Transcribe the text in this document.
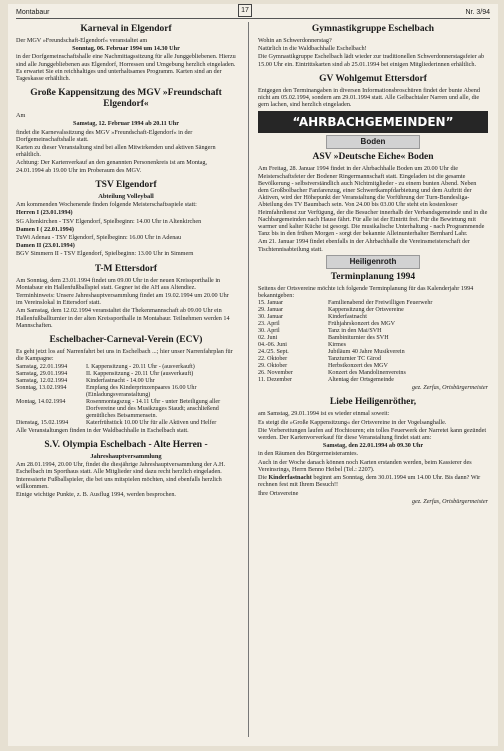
Montabaur	17	Nr. 3/94
Karneval in Elgendorf

Der MGV »Freundschaft-Elgendorf« veranstaltet am

Sonntag, 06. Februar 1994 um 14.30 Uhr

in der Dorfgemeinschaftshalle eine Nachmittagssitzung für alle Junggebliebenen. Hierzu sind alle Junggebliebenen aus Elgendorf, Horressen und Umgebung herzlich eingeladen. Es erwartet Sie ein reichhaltiges und unterhaltsames Programm. Karten sind an der Tageskasse erhältlich.

Große Kappensitzung des MGV »Freundschaft Elgendorf«

Am

Samstag, 12. Februar 1994 ab 20.11 Uhr

findet die Karnevalssitzung des MGV »Freundschaft-Elgendorf« in der Dorfgemeinschaftshalle statt.

Karten zu dieser Veranstaltung sind bei allen Mitwirkenden und aktiven Sängern erhältlich.

Achtung: Der Kartenverkauf an den genannten Personenkreis ist am Montag, 24.01.1994 ab 19.00 Uhr im Proberaum des MGV.

TSV Elgendorf
Abteilung Volleyball

Am kommenden Wochenende finden folgende Meisterschaftsspiele statt:

Herren I (23.01.1994)

SG Altenkirchen - TSV Elgendorf, Spielbeginn: 14.00 Uhr in Altenkirchen

Damen I ( 22.01.1994)

TuWi Adenau - TSV Elgendorf, Spielbeginn: 16.00 Uhr in Adenau

Damen II (23.01.1994)

BGV Simmern II - TSV Elgendorf, Spielbeginn: 13.00 Uhr in Simmern

T-M Ettersdorf

Am Sonntag, dem 23.01.1994 findet um 09.00 Uhr in der neuen Kreissporthalle in Montabaur ein Hallenfußballspiel statt. Gegner ist die AH aus Altendiez.

Terminhinweis: Unsere Jahreshauptversammlung findet am 19.02.1994 um 20.00 Uhr im Vereinslokal in Ettersdorf statt.

Am Samstag, dem 12.02.1994 veranstaltet die Thekenmannschaft ab 09.00 Uhr ein Hallenfußballturnier in der alten Kreissporthalle in Montabaur. Teilnehmen werden 14 Mannschaften.

Eschelbacher-Carneval-Verein (ECV)

Es geht jetzt los auf Narrenfahrt bei uns in Eschelbach ...; hier unser Narrenfahrplan für die Kampagne:

Samstag, 22.01.1994	I. Kappensitzung - 20.11 Uhr - (ausverkauft)
Samstag, 29.01.1994	II. Kappensitzung - 20.11 Uhr (ausverkauft)
Samstag, 12.02.1994	Kinderfastnacht - 14.00 Uhr
Sonntag, 13.02.1994	Empfang des Kinderprinzenpaares 16.00 Uhr (Einladungsveranstaltung)
Montag, 14.02.1994	Rosenmontagszug - 14.11 Uhr - unter Beteiligung aller Dorfvereine und des Musikzuges Staudt; anschließend gemütliches Beisammensein.
Dienstag, 15.02.1994	Katerfrühstück 10.00 Uhr für alle Aktiven und Helfer

Alle Veranstaltungen finden in der Waldbachhalle in Eschelbach statt.

S.V. Olympia Eschelbach - Alte Herren -
Jahreshauptversammlung

Am 28.01.1994, 20.00 Uhr, findet die diesjährige Jahreshauptversammlung der A.H. Eschelbach im Sporthaus statt. Alle Mitglieder sind dazu recht herzlich eingeladen. Interessierte Fußballspieler, die bei uns mitspielen möchten, sind ebenfalls herzlich willkommen.

Einige wichtige Punkte, z. B. Ausflug 1994, werden besprochen.

Gymnastikgruppe Eschelbach

Wohin an Schwerdonnerstag?

Natürlich in die Waldbachhalle Eschelbach!

Die Gymnastikgruppe Eschelbach lädt wieder zur traditionellen Schwerdonnerstagsfeier ab 15.00 Uhr ein. Eintrittskarten sind ab 25.01.1994 bei einigen Mitgliederinnen erhältlich.

GV Wohlgemut Ettersdorf

Entgegen den Terminangaben in diversen Informationsbroschüren findet der bunte Abend nicht am 05.02.1994, sondern am 29.01.1994 statt. Alle Gelbachtaler Narren und alle, die gern lachen, sind herzlich eingeladen.

“AHRBACHGEMEINDEN”
Boden
ASV »Deutsche Eiche« Boden

Am Freitag, 28. Januar 1994 findet in der Ahrbachhalle Boden um 20.00 Uhr die Meisterschaftsfeier der Bodener Ringermannschaft statt. Eingeladen ist die gesamte Bevölkerung - selbstverständlich auch Nichtmitglieder - zu einem bunten Abend. Neben dem Großbolbacher Fanfarenzug, einer Schwertkampfdarbietung und dem Auftritt der Aktiven, wird der Höhepunkt der Veranstaltung die Vorführung der Turn-Bundesliga-Abteilung des TV Baumbach sein. Von 24.00 bis 03.00 Uhr steht ein kostenloser Heimfahrdienst zur Verfügung, der die Besucher innerhalb der Verbandsgemeinde und in die Nachbargemeinden nach Hause fährt. Für alle ist der Eintritt frei. Für die Bewirtung mit warmer und kalter Küche ist gesorgt. Die musikalische Unterhaltung - nach Programmende Tanz bis in den frühen Morgen - sorgt der bekannte Alleinunterhalter Bernhard Lahr.

Am 21. Januar 1994 findet ebenfalls in der Ahrbachhalle die Vereinsmeisterschaft der Tischtennisabteilung statt.

Heiligenroth
Terminplanung 1994

Seitens der Ortsvereine möchte ich folgende Terminplanung für das Kalenderjahr 1994 bekanntgeben:

15. Januar	Familienabend der Freiwilligen Feuerwehr
29. Januar	Kappensitzung der Ortsvereine
30. Januar	Kinderfastnacht
23. April	Frühjahrskonzert des MGV
30. April	Tanz in den Mai/SVH
02. Juni	Bambiniturnier des SVH
04.-06. Juni	Kirmes
24./25. Sept.	Jubiläum 40 Jahre Musikverein
22. Oktober	Tanzturnier TC Girod
29. Oktober	Herbstkonzert des MGV
26. November	Konzert des Mandolinenvereins
11. Dezember	Altentag der Ortsgemeinde

gez. Zerfas, Ortsbürgermeister

Liebe Heiligenröther,

am Samstag, 29.01.1994 ist es wieder einmal soweit:

Es steigt die »Große Kappensitzung« der Ortsvereine in der Vogelsanghalle.

Die Vorbereitungen laufen auf Hochtouren; ein tolles Feuerwerk der Narretei kann gezündet werden. Der Kartenvorverkauf für diese Veranstaltung findet statt am:

Samstag, den 22.01.1994 ab 09.30 Uhr

in den Räumen des Bürgermeisteramtes.

Auch in der Woche danach können noch Karten erstanden werden, beim Kassierer des Vereinsrings, Herrn Benno Heibel (Tel.: 2207).

Die Kinderfastnacht beginnt am Sonntag, dem 30.01.1994 um 14.00 Uhr. Bis dann? Wir rechnen fest mit Ihrem Besuch!!

Ihre Ortsvereine

gez. Zerfas, Ortsbürgermeister
